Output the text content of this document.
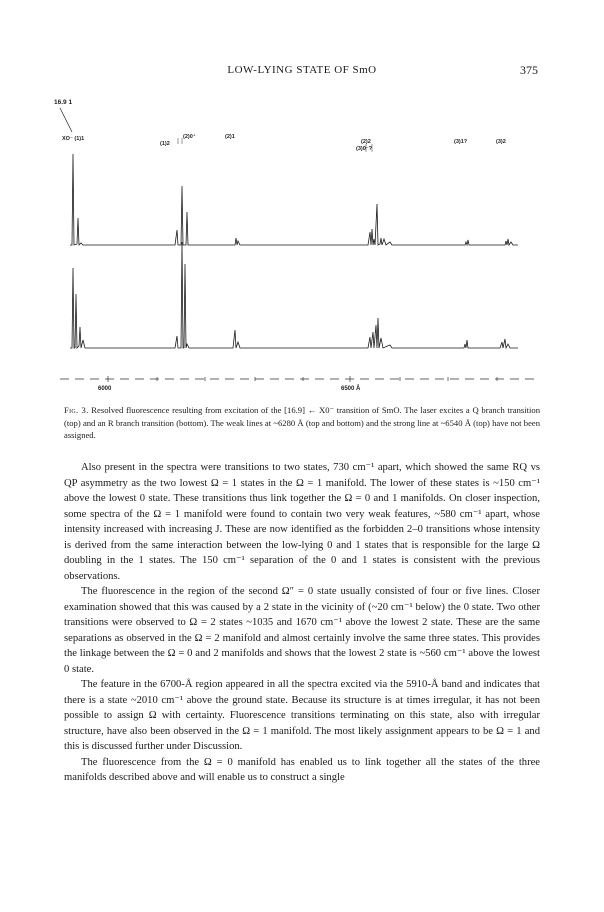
LOW-LYING STATE OF SmO	375
16.9 1
XO⁻ (1)1
(1)2
(2)0⁺	(2)1
(2)2
(3)0⁻?
(3)1?	(3)2
6000	6500 Å
Fig. 3. Resolved fluorescence resulting from excitation of the [16.9] ← X0⁻ transition of SmO. The laser excites a Q branch transition (top) and an R branch transition (bottom). The weak lines at ~6280 Å (top and bottom) and the strong line at ~6540 Å (top) have not been assigned.

Also present in the spectra were transitions to two states, 730 cm⁻¹ apart, which showed the same RQ vs QP asymmetry as the two lowest Ω = 1 states in the Ω = 1 manifold. The lower of these states is ~150 cm⁻¹ above the lowest 0 state. These transitions thus link together the Ω = 0 and 1 manifolds. On closer inspection, some spectra of the Ω = 1 manifold were found to contain two very weak features, ~580 cm⁻¹ apart, whose intensity increased with increasing J. These are now identified as the forbidden 2–0 transitions whose intensity is derived from the same interaction between the low-lying 0 and 1 states that is responsible for the large Ω doubling in the 1 states. The 150 cm⁻¹ separation of the 0 and 1 states is consistent with the previous observations.

The fluorescence in the region of the second Ω″ = 0 state usually consisted of four or five lines. Closer examination showed that this was caused by a 2 state in the vicinity of (~20 cm⁻¹ below) the 0 state. Two other transitions were observed to Ω = 2 states ~1035 and 1670 cm⁻¹ above the lowest 2 state. These are the same separations as observed in the Ω = 2 manifold and almost certainly involve the same three states. This provides the linkage between the Ω = 0 and 2 manifolds and shows that the lowest 2 state is ~560 cm⁻¹ above the lowest 0 state.

The feature in the 6700-Å region appeared in all the spectra excited via the 5910-Å band and indicates that there is a state ~2010 cm⁻¹ above the ground state. Because its structure is at times irregular, it has not been possible to assign Ω with certainty. Fluorescence transitions terminating on this state, also with irregular structure, have also been observed in the Ω = 1 manifold. The most likely assignment appears to be Ω = 1 and this is discussed further under Discussion.

The fluorescence from the Ω = 0 manifold has enabled us to link together all the states of the three manifolds described above and will enable us to construct a single
